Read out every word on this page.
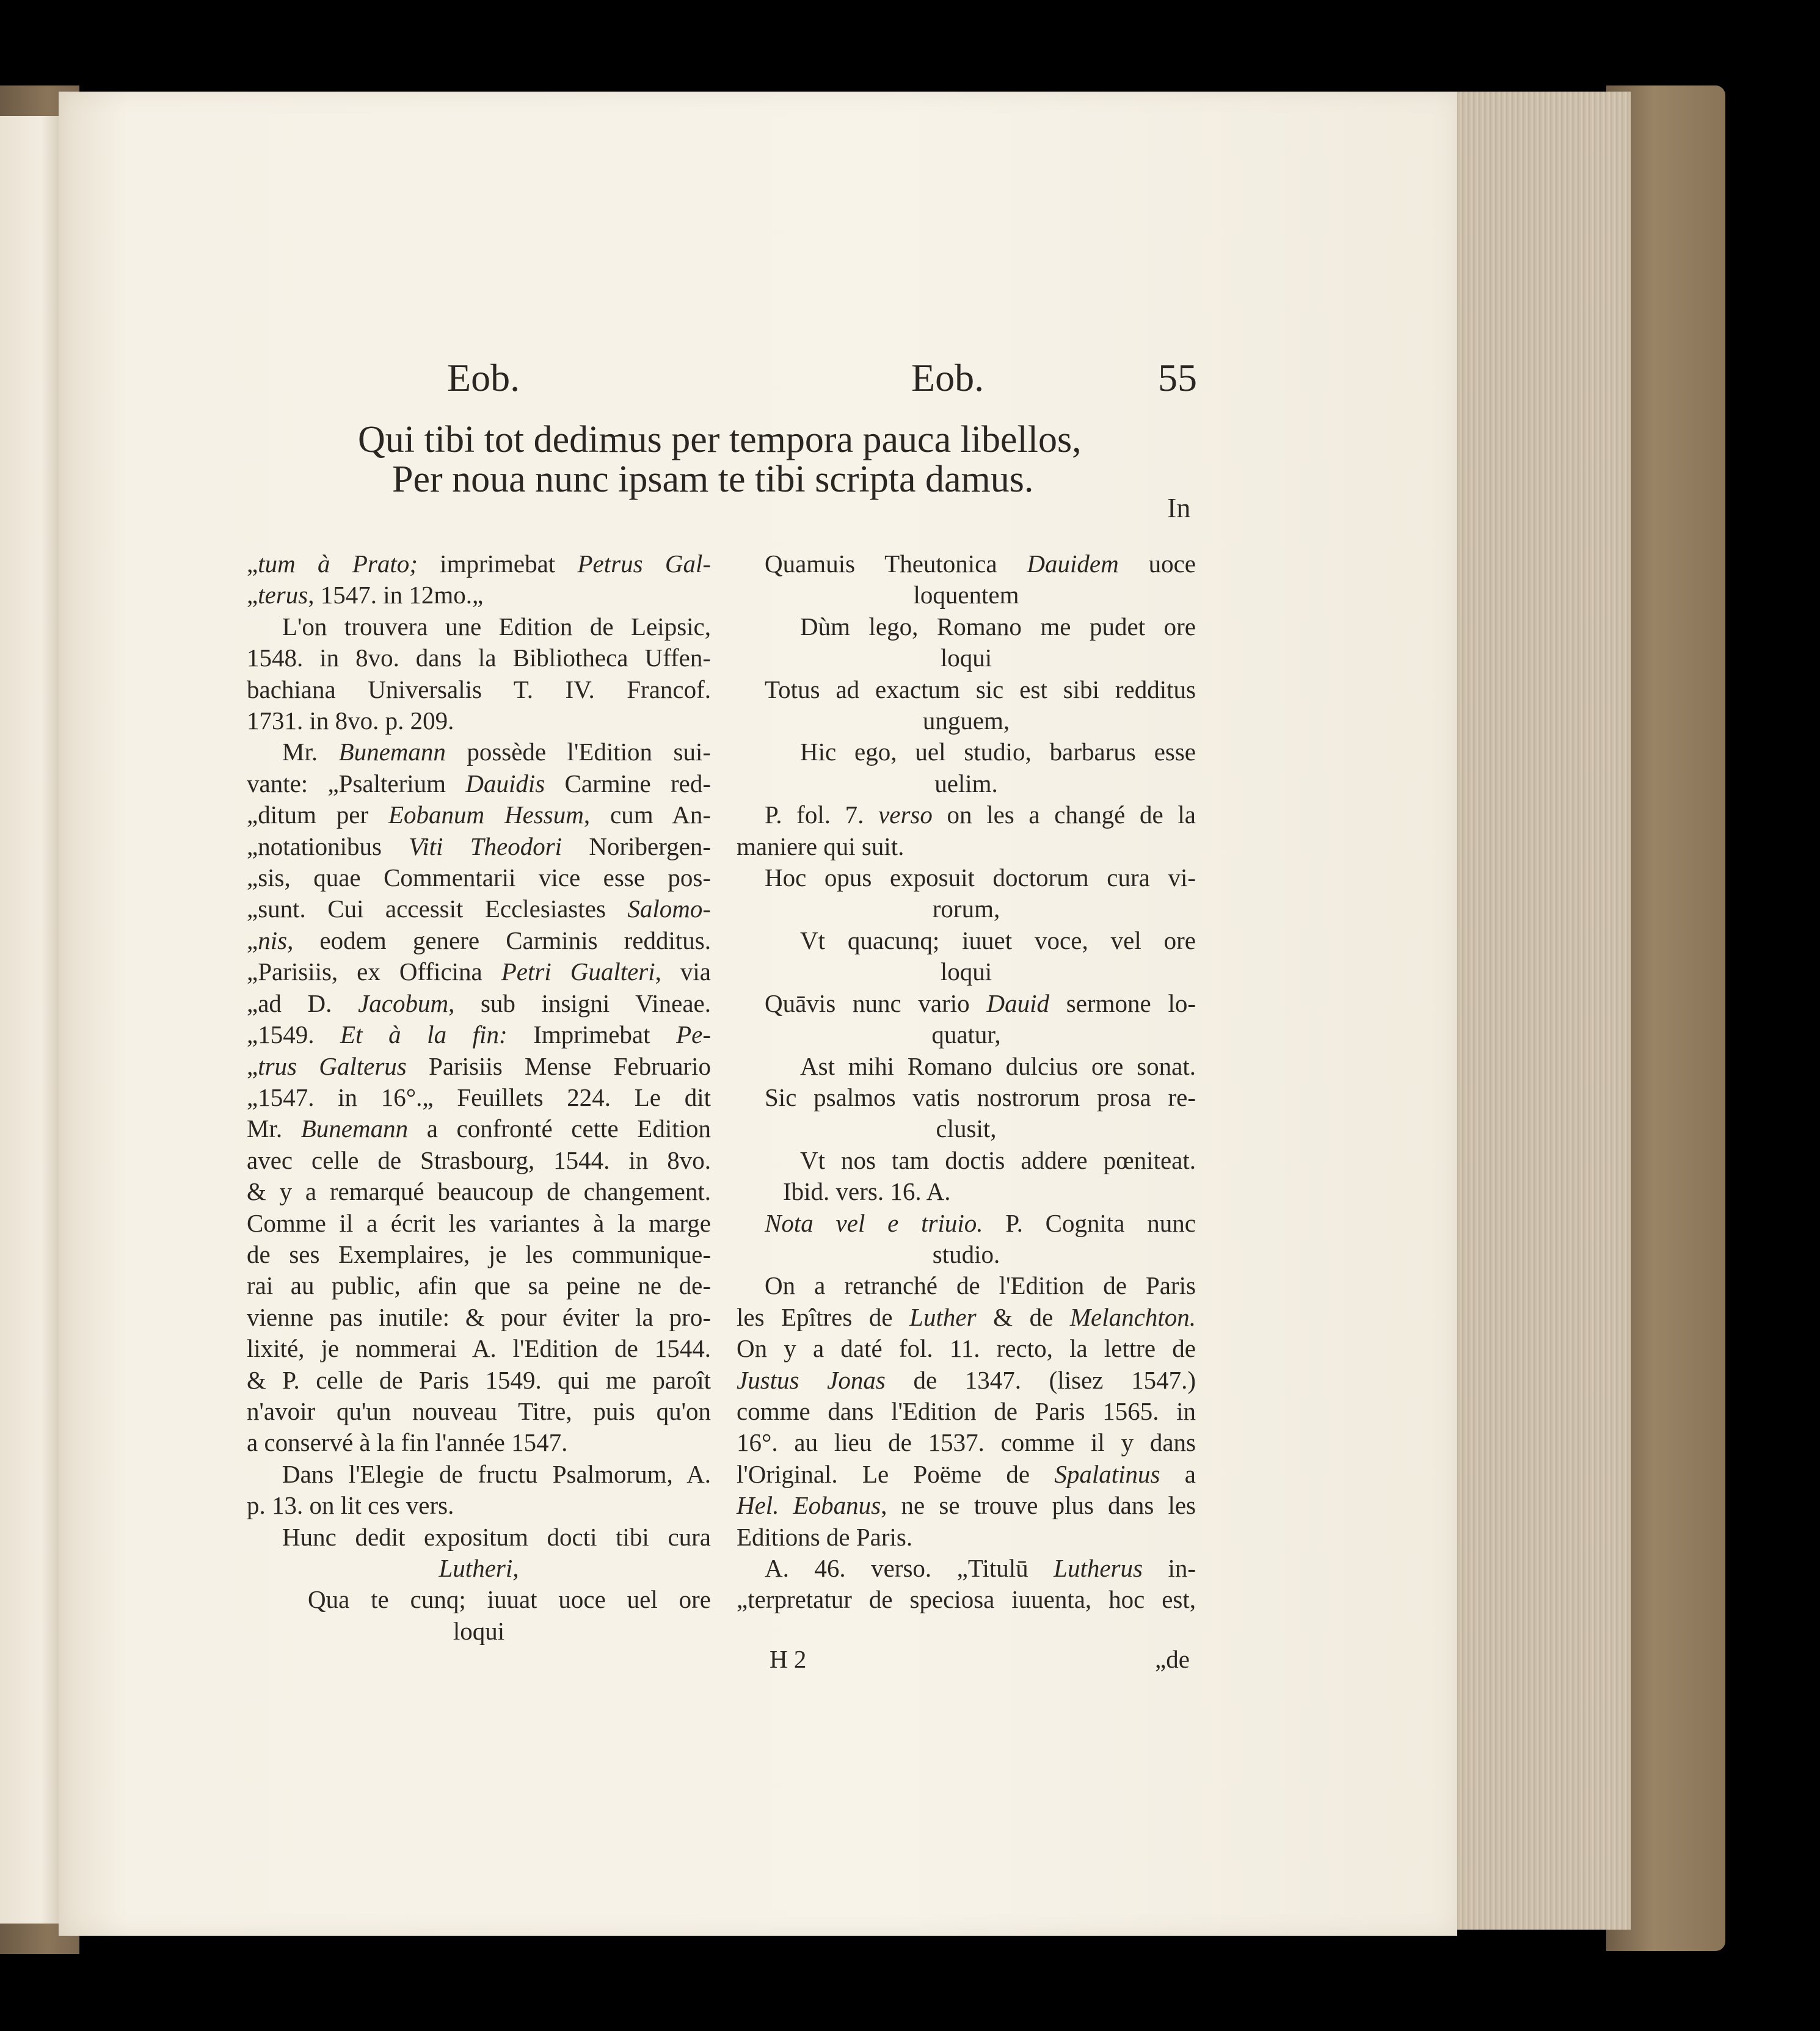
Eob.	Eob.	55
Qui tibi tot dedimus per tempora pauca libellos,
Per noua nunc ipsam te tibi scripta damus.
In
„tum à Prato; imprimebat Petrus Gal-
„terus, 1547. in 12mo.„
L'on trouvera une Edition de Leipsic,
1548. in 8vo. dans la Bibliotheca Uffen-
bachiana Universalis T. IV. Francof.
1731. in 8vo. p. 209.
Mr. Bunemann possède l'Edition sui-
vante: „Psalterium Dauidis Carmine red-
„ditum per Eobanum Hessum, cum An-
„notationibus Viti Theodori Noribergen-
„sis, quae Commentarii vice esse pos-
„sunt. Cui accessit Ecclesiastes Salomo-
„nis, eodem genere Carminis redditus.
„Parisiis, ex Officina Petri Gualteri, via
„ad D. Jacobum, sub insigni Vineae.
„1549. Et à la fin: Imprimebat Pe-
„trus Galterus Parisiis Mense Februario
„1547. in 16°.„ Feuillets 224. Le dit
Mr. Bunemann a confronté cette Edition
avec celle de Strasbourg, 1544. in 8vo.
& y a remarqué beaucoup de changement.
Comme il a écrit les variantes à la marge
de ses Exemplaires, je les communique-
rai au public, afin que sa peine ne de-
vienne pas inutile: & pour éviter la pro-
lixité, je nommerai A. l'Edition de 1544.
& P. celle de Paris 1549. qui me paroît
n'avoir qu'un nouveau Titre, puis qu'on
a conservé à la fin l'année 1547.
Dans l'Elegie de fructu Psalmorum, A.
p. 13. on lit ces vers.
Hunc dedit expositum docti tibi cura
Lutheri,
Qua te cunq; iuuat uoce uel ore
loqui
Quamuis Theutonica Dauidem uoce
loquentem
Dùm lego, Romano me pudet ore
loqui
Totus ad exactum sic est sibi redditus
unguem,
Hic ego, uel studio, barbarus esse
uelim.
P. fol. 7. verso on les a changé de la
maniere qui suit.
Hoc opus exposuit doctorum cura vi-
rorum,
Vt quacunq; iuuet voce, vel ore
loqui
Quāvis nunc vario Dauid sermone lo-
quatur,
Ast mihi Romano dulcius ore sonat.
Sic psalmos vatis nostrorum prosa re-
clusit,
Vt nos tam doctis addere pœniteat.
Ibid. vers. 16. A.
Nota vel e triuio. P. Cognita nunc
studio.
On a retranché de l'Edition de Paris
les Epîtres de Luther & de Melanchton.
On y a daté fol. 11. recto, la lettre de
Justus Jonas de 1347. (lisez 1547.)
comme dans l'Edition de Paris 1565. in
16°. au lieu de 1537. comme il y dans
l'Original. Le Poëme de Spalatinus a
Hel. Eobanus, ne se trouve plus dans les
Editions de Paris.
A. 46. verso. „Titulū Lutherus in-
„terpretatur de speciosa iuuenta, hoc est,
H 2	„de
